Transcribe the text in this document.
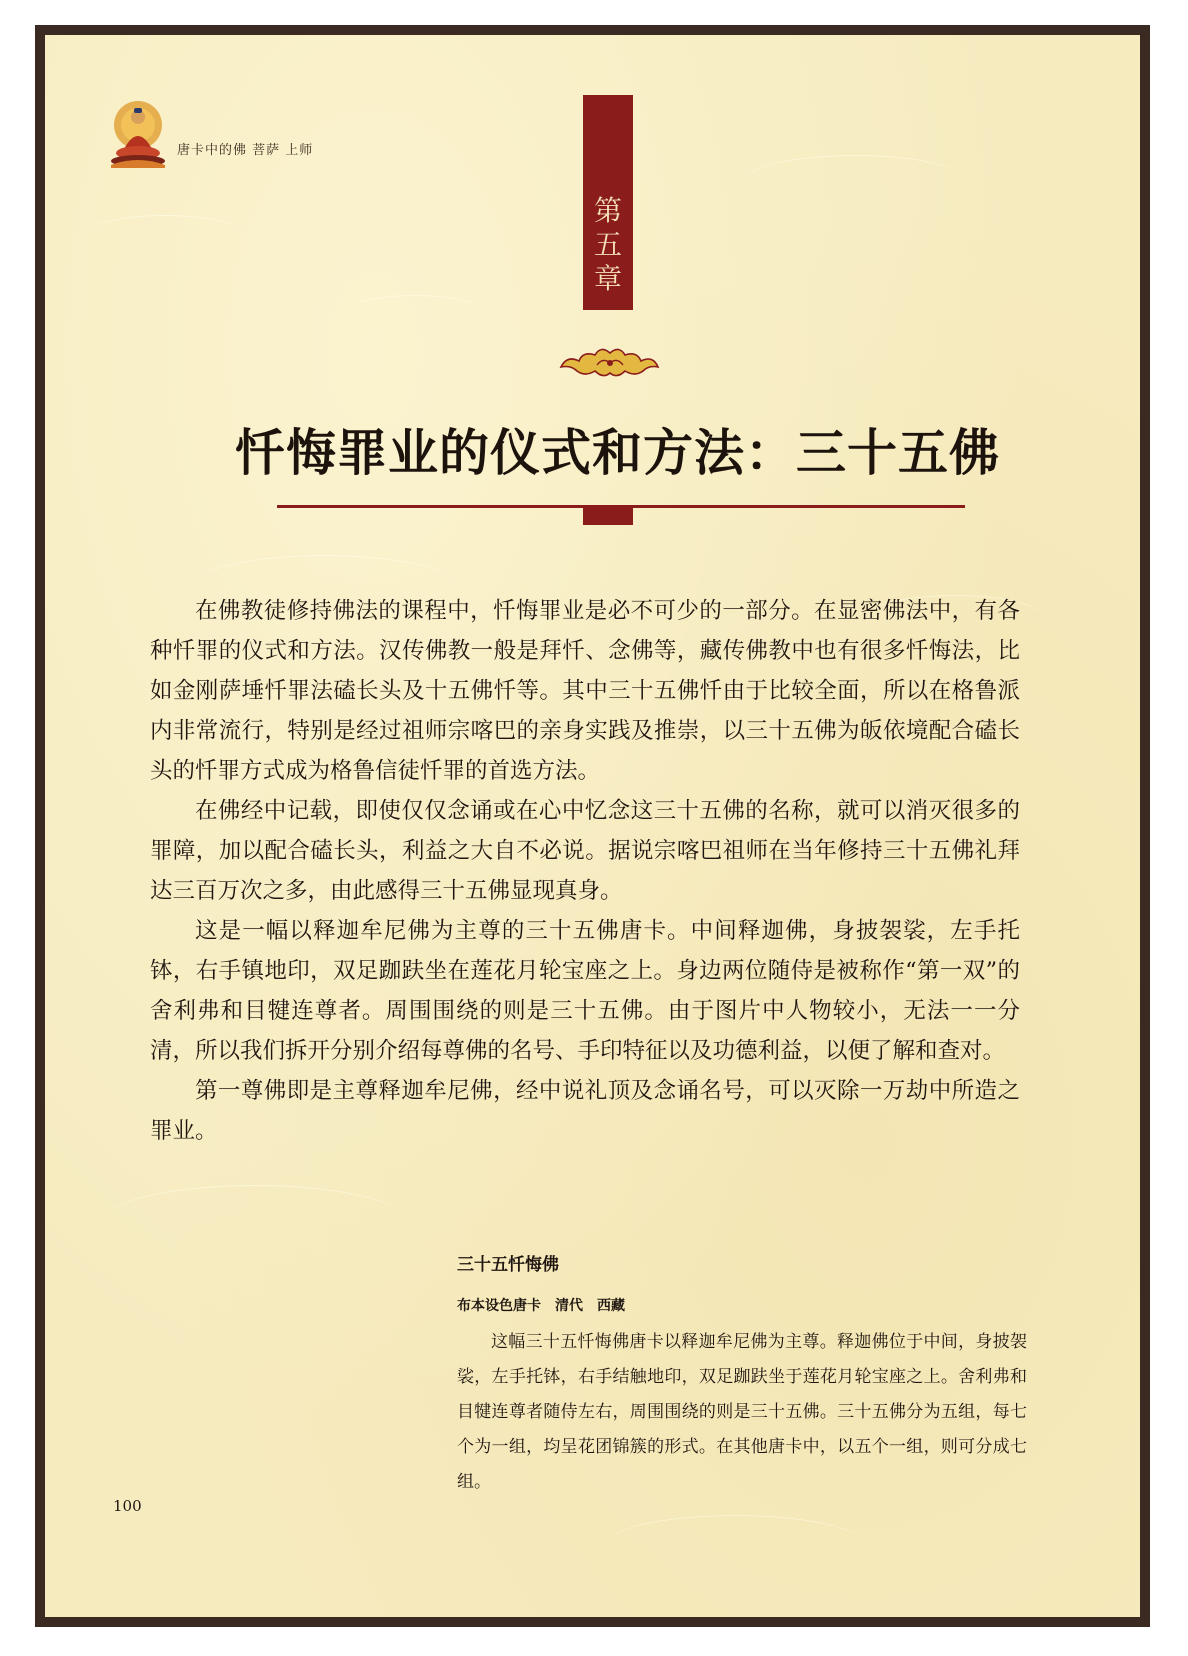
唐卡中的佛 菩萨 上师
第
五
章
忏悔罪业的仪式和方法：三十五佛

在佛教徒修持佛法的课程中，忏悔罪业是必不可少的一部分。在显密佛法中，有各种忏罪的仪式和方法。汉传佛教一般是拜忏、念佛等，藏传佛教中也有很多忏悔法，比如金刚萨埵忏罪法磕长头及十五佛忏等。其中三十五佛忏由于比较全面，所以在格鲁派内非常流行，特别是经过祖师宗喀巴的亲身实践及推崇，以三十五佛为皈依境配合磕长头的忏罪方式成为格鲁信徒忏罪的首选方法。

在佛经中记载，即使仅仅念诵或在心中忆念这三十五佛的名称，就可以消灭很多的罪障，加以配合磕长头，利益之大自不必说。据说宗喀巴祖师在当年修持三十五佛礼拜达三百万次之多，由此感得三十五佛显现真身。

这是一幅以释迦牟尼佛为主尊的三十五佛唐卡。中间释迦佛，身披袈裟，左手托钵，右手镇地印，双足跏趺坐在莲花月轮宝座之上。身边两位随侍是被称作“第一双”的舍利弗和目犍连尊者。周围围绕的则是三十五佛。由于图片中人物较小，无法一一分清，所以我们拆开分别介绍每尊佛的名号、手印特征以及功德利益，以便了解和查对。

第一尊佛即是主尊释迦牟尼佛，经中说礼顶及念诵名号，可以灭除一万劫中所造之罪业。

三十五忏悔佛
布本设色唐卡　清代　西藏

这幅三十五忏悔佛唐卡以释迦牟尼佛为主尊。释迦佛位于中间，身披袈裟，左手托钵，右手结触地印，双足跏趺坐于莲花月轮宝座之上。舍利弗和目犍连尊者随侍左右，周围围绕的则是三十五佛。三十五佛分为五组，每七个为一组，均呈花团锦簇的形式。在其他唐卡中，以五个一组，则可分成七组。

100
